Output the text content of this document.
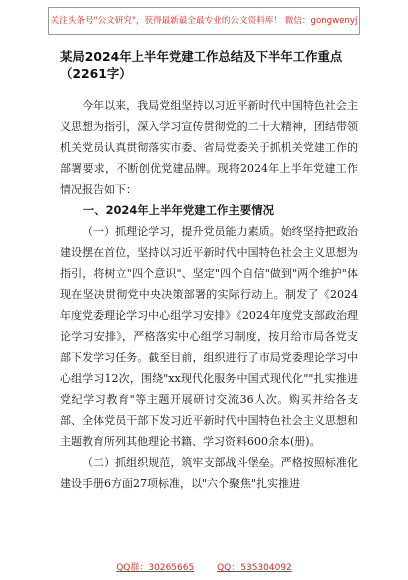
关注头条号"公文研究"，获得最新最全最专业的公文资料库！ 微信：gongwenyj
某局2024年上半年党建工作总结及下半年工作重点（2261字）

今年以来，我局党组坚持以习近平新时代中国特色社会主义思想为指引，深入学习宣传贯彻党的二十大精神，团结带领机关党员认真贯彻落实市委、省局党委关于抓机关党建工作的部署要求，不断创优党建品牌。现将2024年上半年党建工作情况报告如下：

一、2024年上半年党建工作主要情况

（一）抓理论学习，提升党员能力素质。始终坚持把政治建设摆在首位，坚持以习近平新时代中国特色社会主义思想为指引，将树立"四个意识"、坚定"四个自信"做到"两个维护"体现在坚决贯彻党中央决策部署的实际行动上。制发了《2024年度党委理论学习中心组学习安排》《2024年度党支部政治理论学习安排》，严格落实中心组学习制度，按月给市局各党支部下发学习任务。截至目前，组织进行了市局党委理论学习中心组学习12次，围绕"xx现代化服务中国式现代化""扎实推进党纪学习教育"等主题开展研讨交流36人次。购买并给各支部、全体党员干部下发习近平新时代中国特色社会主义思想和主题教育所列其他理论书籍、学习资料600余本(册)。

（二）抓组织规范，筑牢支部战斗堡垒。严格按照标准化建设手册6方面27项标准，以"六个聚焦"扎实推进

QQ群：30265665	QQ：535304092
